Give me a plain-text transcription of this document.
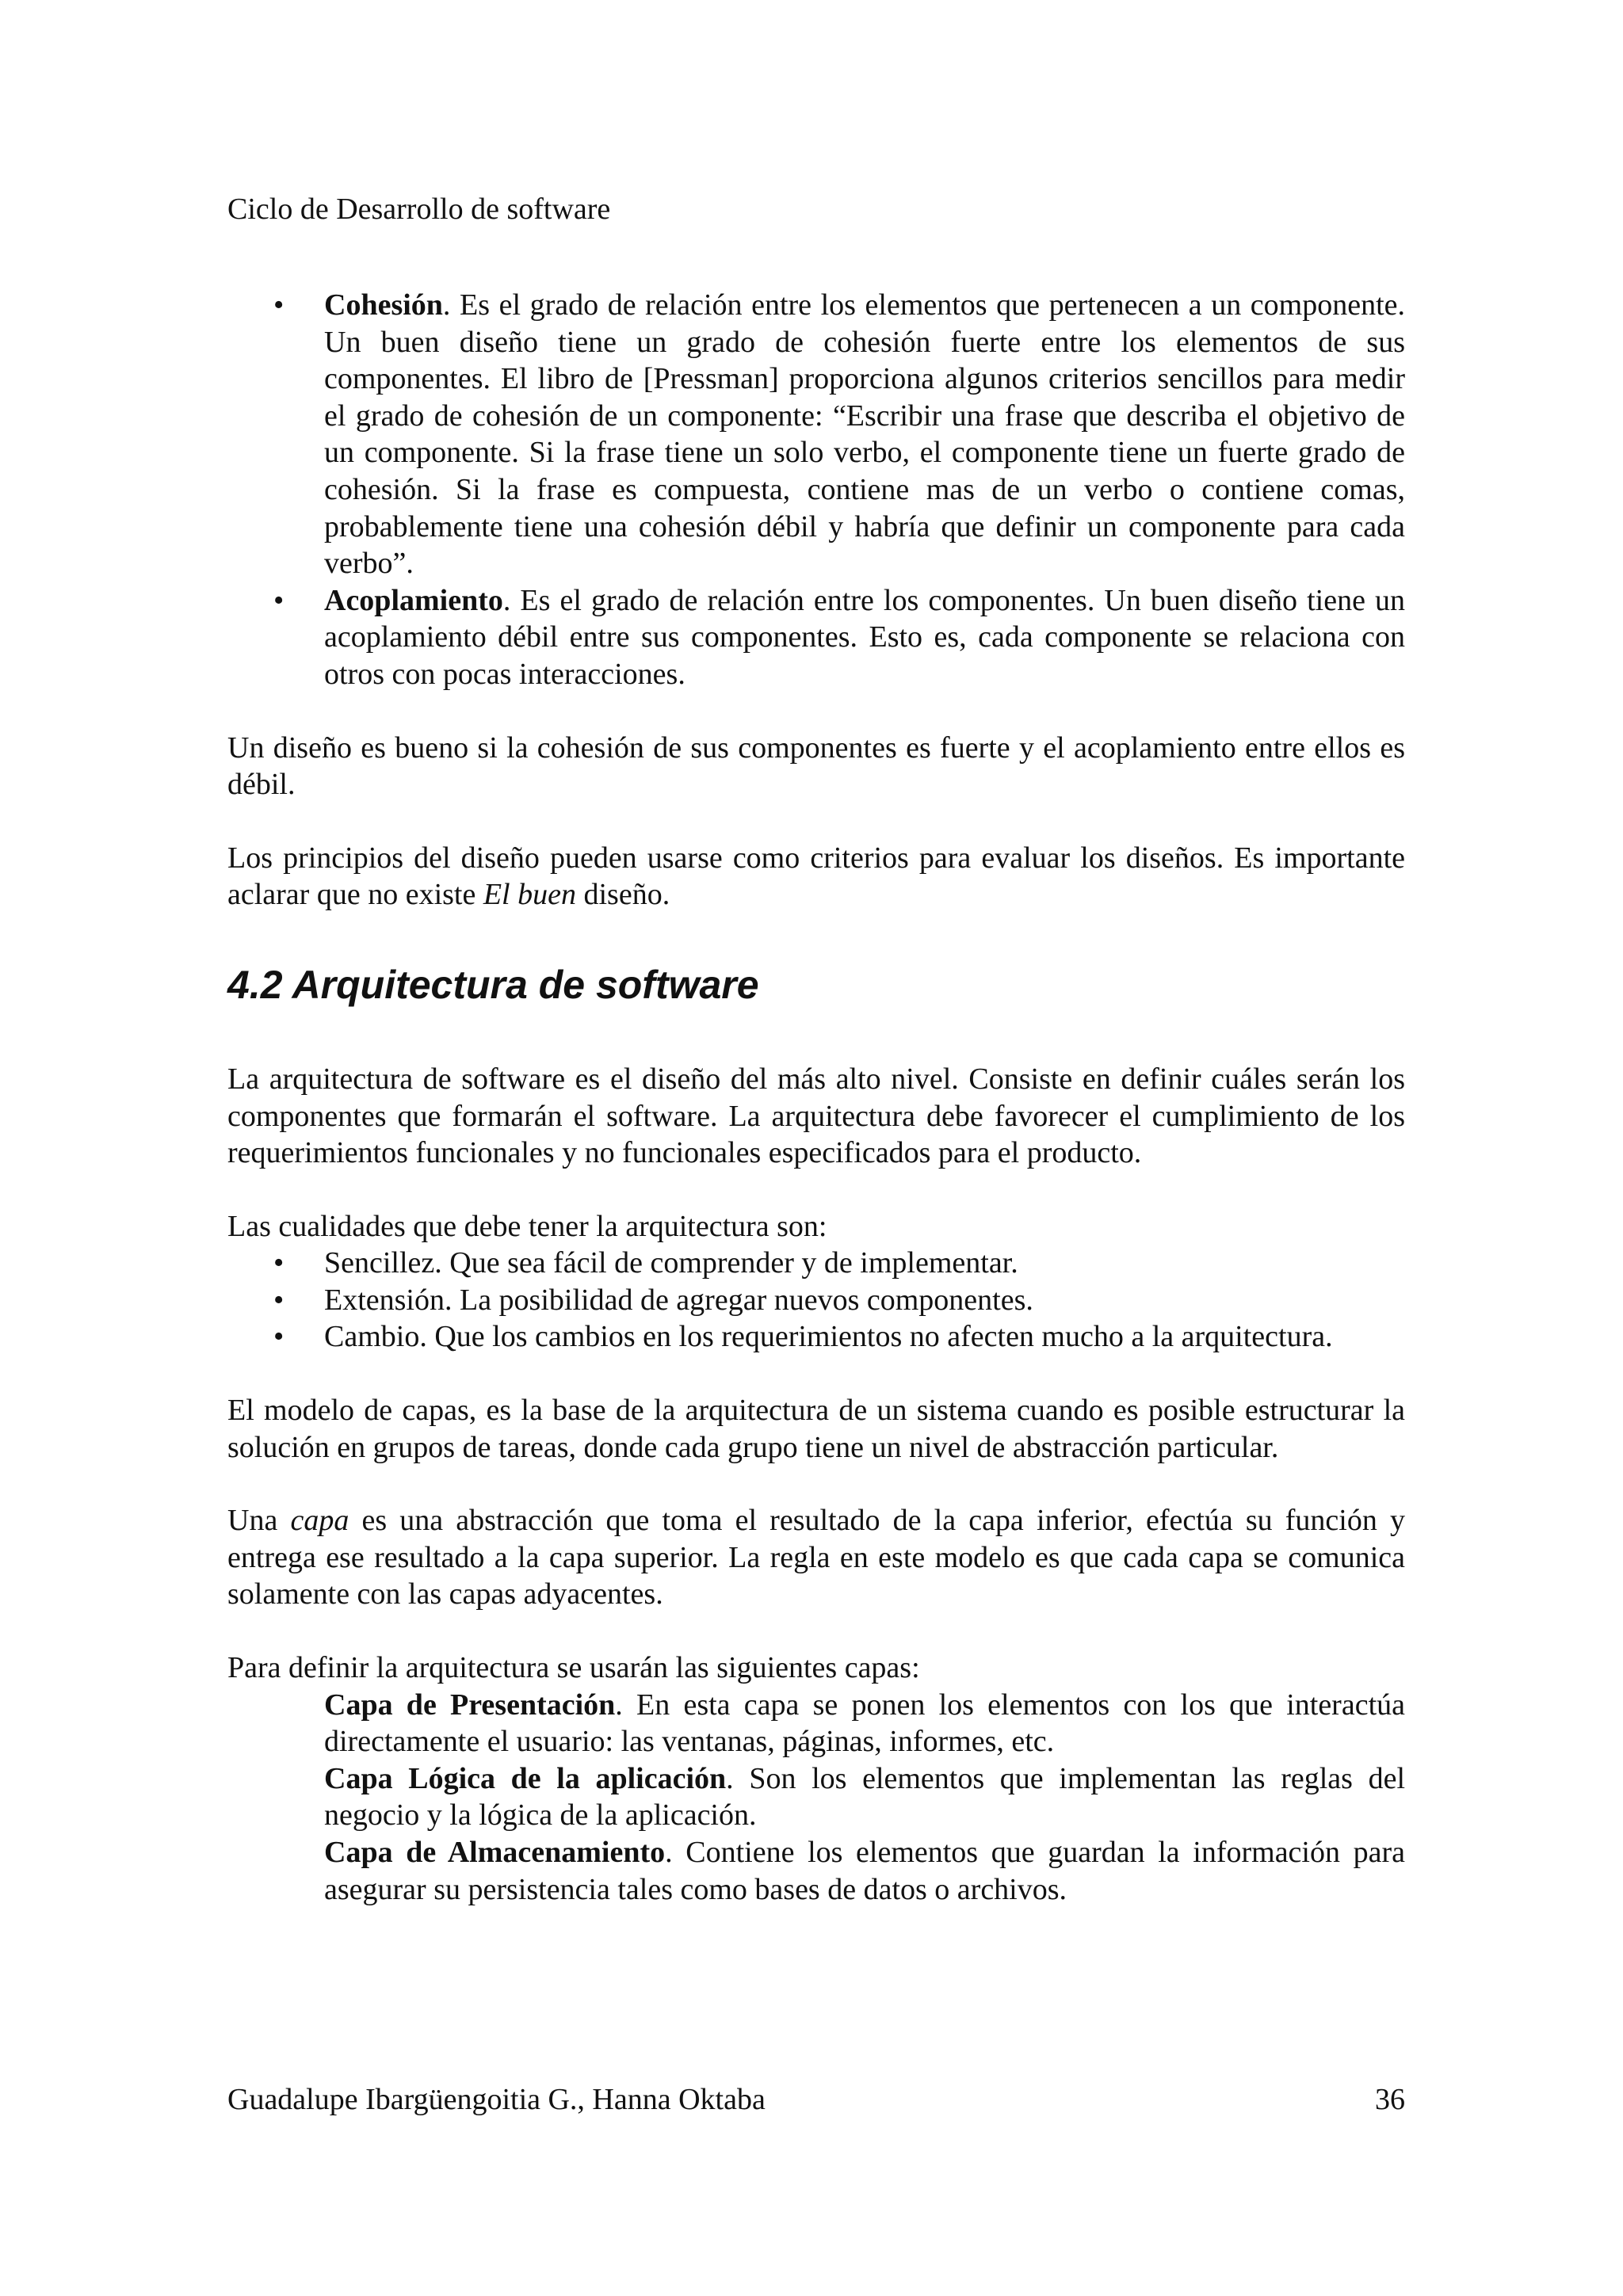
Ciclo de Desarrollo de software
• Cohesión. Es el grado de relación entre los elementos que pertenecen a un componente. Un buen diseño tiene un grado de cohesión fuerte entre los elementos de sus componentes. El libro de [Pressman] proporciona algunos criterios sencillos para medir el grado de cohesión de un componente: “Escribir una frase que describa el objetivo de un componente. Si la frase tiene un solo verbo, el componente tiene un fuerte grado de cohesión. Si la frase es compuesta, contiene mas de un verbo o contiene comas, probablemente tiene una cohesión débil y habría que definir un componente para cada verbo”.
• Acoplamiento. Es el grado de relación entre los componentes. Un buen diseño tiene un acoplamiento débil entre sus componentes. Esto es, cada componente se relaciona con otros con pocas interacciones.

Un diseño es bueno si la cohesión de sus componentes es fuerte y el acoplamiento entre ellos es débil.

Los principios del diseño pueden usarse como criterios para evaluar los diseños. Es importante aclarar que no existe El buen diseño.

4.2 Arquitectura de software

La arquitectura de software es el diseño del más alto nivel. Consiste en definir cuáles serán los componentes que formarán el software. La arquitectura debe favorecer el cumplimiento de los requerimientos funcionales y no funcionales especificados para el producto.

Las cualidades que debe tener la arquitectura son:

• Sencillez. Que sea fácil de comprender y de implementar.
• Extensión. La posibilidad de agregar nuevos componentes.
• Cambio. Que los cambios en los requerimientos no afecten mucho a la arquitectura.

El modelo de capas, es la base de la arquitectura de un sistema cuando es posible estructurar la solución en grupos de tareas, donde cada grupo tiene un nivel de abstracción particular.

Una capa es una abstracción que toma el resultado de la capa inferior, efectúa su función y entrega ese resultado a la capa superior. La regla en este modelo es que cada capa se comunica solamente con las capas adyacentes.

Para definir la arquitectura se usarán las siguientes capas:

Capa de Presentación. En esta capa se ponen los elementos con los que interactúa directamente el usuario: las ventanas, páginas, informes, etc.
Capa Lógica de la aplicación. Son los elementos que implementan las reglas del negocio y la lógica de la aplicación.
Capa de Almacenamiento. Contiene los elementos que guardan la información para asegurar su persistencia tales como bases de datos o archivos.
Guadalupe Ibargüengoitia G., Hanna Oktaba	36
